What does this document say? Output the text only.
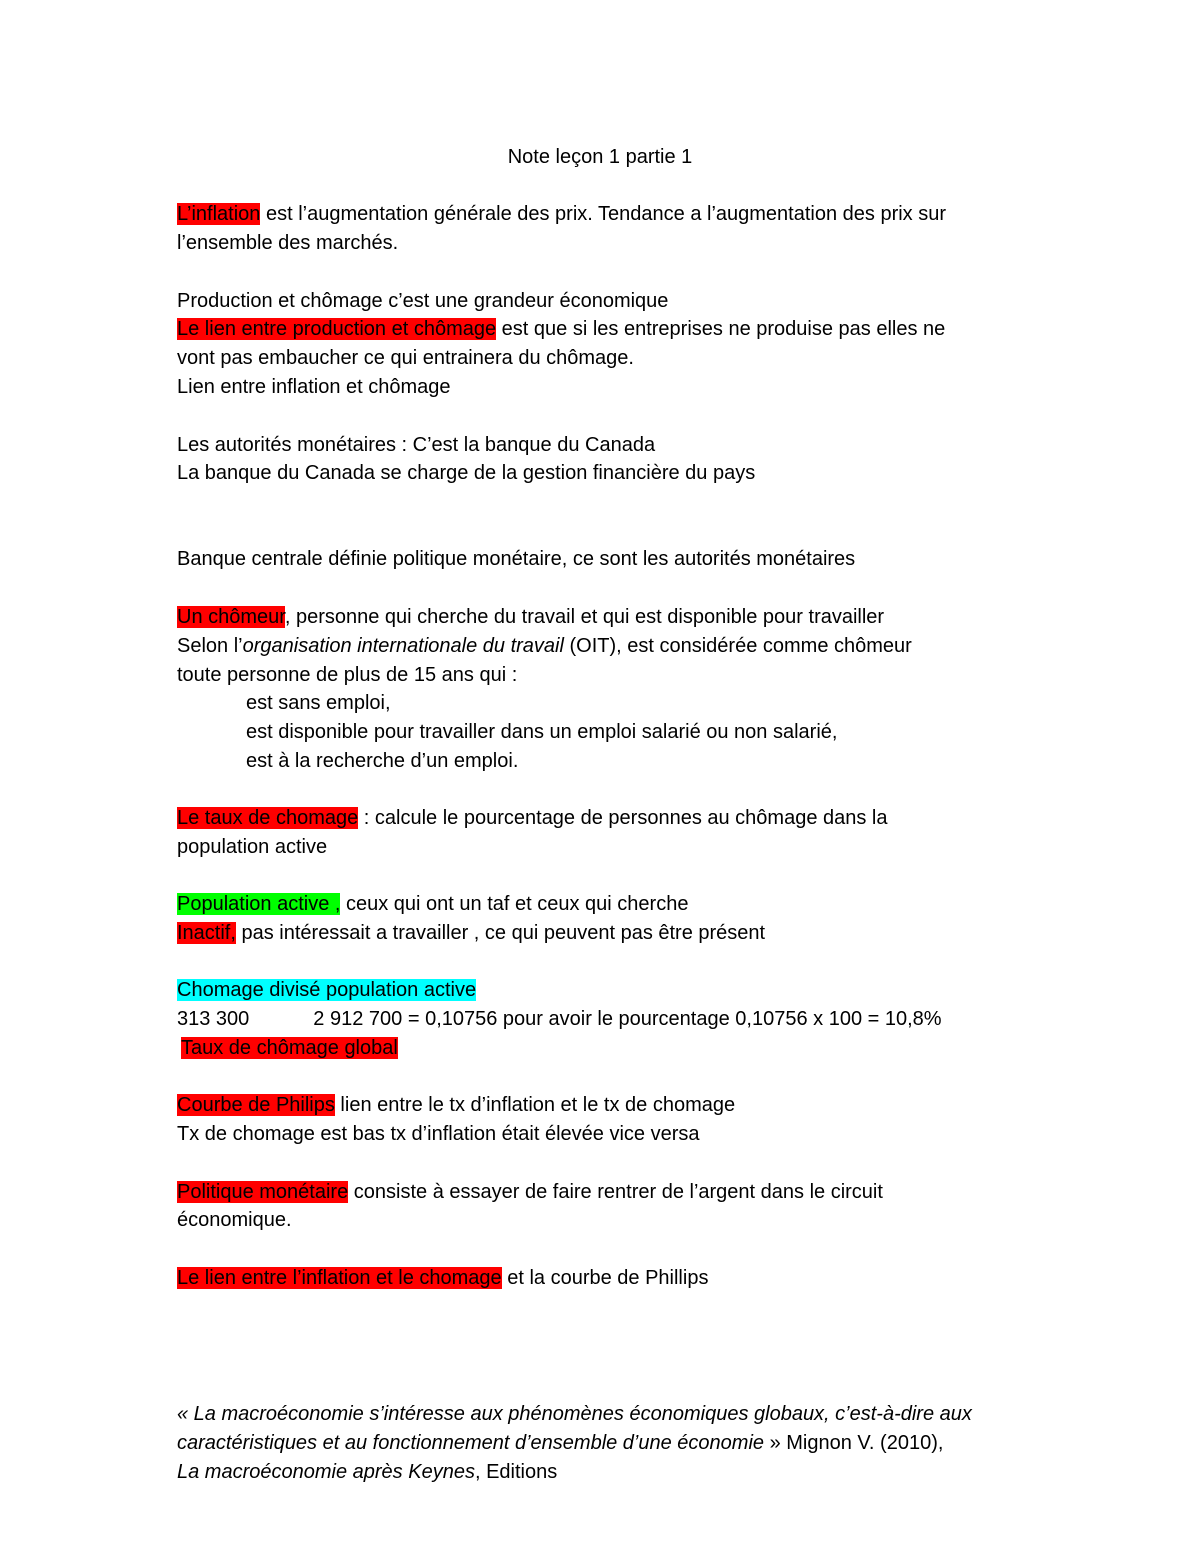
Note leçon 1 partie 1
L’inflation est l’augmentation générale des prix. Tendance a l’augmentation des prix sur
l’ensemble des marchés.
Production et chômage c’est une grandeur économique
Le lien entre production et chômage est que si les entreprises ne produise pas elles ne
vont pas embaucher ce qui entrainera du chômage.
Lien entre inflation et chômage
Les autorités monétaires : C’est la banque du Canada
La banque du Canada se charge de la gestion financière du pays
Banque centrale définie politique monétaire, ce sont les autorités monétaires
Un chômeur, personne qui cherche du travail et qui est disponible pour travailler
Selon l’organisation internationale du travail (OIT), est considérée comme chômeur
toute personne de plus de 15 ans qui :
est sans emploi,
est disponible pour travailler dans un emploi salarié ou non salarié,
est à la recherche d’un emploi.
Le taux de chomage : calcule le pourcentage de personnes au chômage dans la
population active
Population active , ceux qui ont un taf et ceux qui cherche
Inactif, pas intéressait a travailler , ce qui peuvent pas être présent
Chomage divisé population active
313 300	2 912 700 = 0,10756 pour avoir le pourcentage 0,10756 x 100 = 10,8%
Taux de chômage global
Courbe de Philips lien entre le tx d’inflation et le tx de chomage
Tx de chomage est bas tx d’inflation était élevée vice versa
Politique monétaire consiste à essayer de faire rentrer de l’argent dans le circuit
économique.
Le lien entre l’inflation et le chomage et la courbe de Phillips
« La macroéconomie s’intéresse aux phénomènes économiques globaux, c’est-à-dire aux
caractéristiques et au fonctionnement d’ensemble d’une économie » Mignon V. (2010),
La macroéconomie après Keynes, Editions
